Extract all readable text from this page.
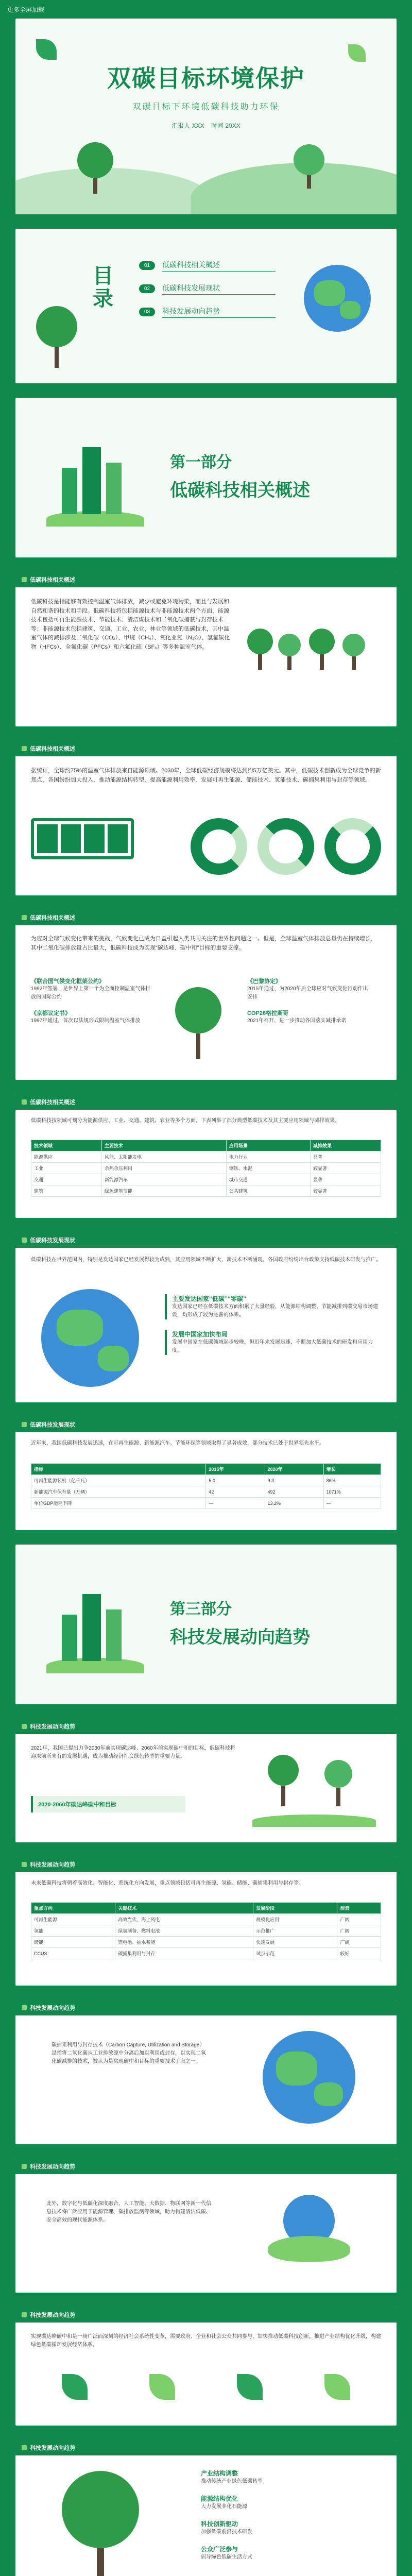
更多全屏加载
双碳目标环境保护
双碳目标下环境低碳科技助力环保
汇报人 XXX 时间 20XX
目录
01	低碳科技相关概述
02	低碳科技发展现状
03	科技发展动向趋势
第一部分
低碳科技相关概述
低碳科技相关概述
低碳科技是指能够有效控制温室气体排放，减少或避免环境污染，而且与发展和自然和谐的技术和手段。低碳科技将包括能源技术与非能源技术两个方面，能源技术包括可再生能源技术、节能技术、清洁煤技术和二氧化碳捕获与封存技术等；非能源技术包括建筑、交通、工业、农业、林业等领域的低碳技术，其中温室气体的减排涉及二氧化碳（CO₂）、甲烷（CH₄）、氧化亚氮（N₂O）、氢氟碳化物（HFCs）、全氟化碳（PFCs）和六氟化硫（SF₆）等多种温室气体。
低碳科技相关概述
据统计，全球约75%的温室气体排放来自能源领域。2030年，全球低碳经济规模将达到约5万亿美元。其中，低碳技术创新成为全球竞争的新焦点，各国纷纷加大投入，推动能源结构转型，提高能源利用效率，发展可再生能源、储能技术、氢能技术、碳捕集利用与封存等领域。
低碳科技相关概述
为应对全球气候变化带来的挑战，气候变化已成为日益引起人类共同关注的世界性问题之一。但是，全球温室气体排放总量仍在持续增长，其中二氧化碳排放量占比最大，低碳科技成为实现“碳达峰、碳中和”目标的重要支撑。
《联合国气候变化框架公约》
1992年签署，是世界上第一个为全面控制温室气体排放的国际公约
《京都议定书》
1997年通过，首次以法规形式限制温室气体排放
《巴黎协定》
2015年通过，为2020年后全球应对气候变化行动作出安排
COP26格拉斯哥
2021年召开，进一步推动各国落实减排承诺
低碳科技相关概述
低碳科技按领域可划分为能源供应、工业、交通、建筑、农业等多个方面，下表列举了部分典型低碳技术及其主要应用领域与减排效果。
技术领域	主要技术	应用场景	减排效果
能源供应	风能、太阳能发电	电力行业	显著
工业	余热余压利用	钢铁、水泥	较显著
交通	新能源汽车	城市交通	显著
建筑	绿色建筑节能	公共建筑	较显著
低碳科技发展现状
低碳科技在世界范围内，特别是发达国家已经发展得较为成熟，其应用领域不断扩大，新技术不断涌现，各国政府纷纷出台政策支持低碳技术研发与推广。
主要发达国家“低碳”“零碳”
发达国家已经在低碳技术方面积累了大量经验，从能源结构调整、节能减排到碳交易市场建设，均形成了较为完善的体系。
发展中国家加快布局
发展中国家在低碳领域起步较晚，但近年来发展迅速，不断加大低碳技术的研发和应用力度。
低碳科技发展现状
近年来，我国低碳科技发展迅速，在可再生能源、新能源汽车、节能环保等领域取得了显著成效，部分技术已处于世界领先水平。
指标	2015年	2020年	增长
可再生能源装机（亿千瓦）	5.0	9.3	86%
新能源汽车保有量（万辆）	42	492	1071%
单位GDP能耗下降	—	13.2%	—
第三部分
科技发展动向趋势
科技发展动向趋势
2021年，我国已提出力争2030年前实现碳达峰、2060年前实现碳中和的目标，低碳科技将迎来前所未有的发展机遇，成为推动经济社会绿色转型的重要力量。
2020-2060年碳达峰碳中和目标
科技发展动向趋势
未来低碳科技将朝着高效化、智能化、系统化方向发展，重点领域包括可再生能源、氢能、储能、碳捕集利用与封存等。
重点方向	关键技术	发展阶段	前景
可再生能源	高效光伏、海上风电	规模化应用	广阔
氢能	绿氢制备、燃料电池	示范推广	广阔
储能	锂电池、抽水蓄能	快速发展	广阔
CCUS	碳捕集利用与封存	试点示范	较好
科技发展动向趋势
碳捕集利用与封存技术（Carbon Capture, Utilization and Storage）是指将二氧化碳从工业排放源中分离后加以利用或封存，以实现二氧化碳减排的技术，被认为是实现碳中和目标的重要技术手段之一。
科技发展动向趋势
此外，数字化与低碳化深度融合，人工智能、大数据、物联网等新一代信息技术将广泛应用于能源管理、碳排放监测等领域，助力构建清洁低碳、安全高效的现代能源体系。
科技发展动向趋势
实现碳达峰碳中和是一场广泛而深刻的经济社会系统性变革，需要政府、企业和社会公众共同参与，加快推动低碳科技创新，推进产业结构优化升级，构建绿色低碳循环发展经济体系。
科技发展动向趋势
产业结构调整
推动传统产业绿色低碳转型
能源结构优化
大力发展非化石能源
科技创新驱动
加强低碳前沿技术研发
公众广泛参与
倡导绿色低碳生活方式
